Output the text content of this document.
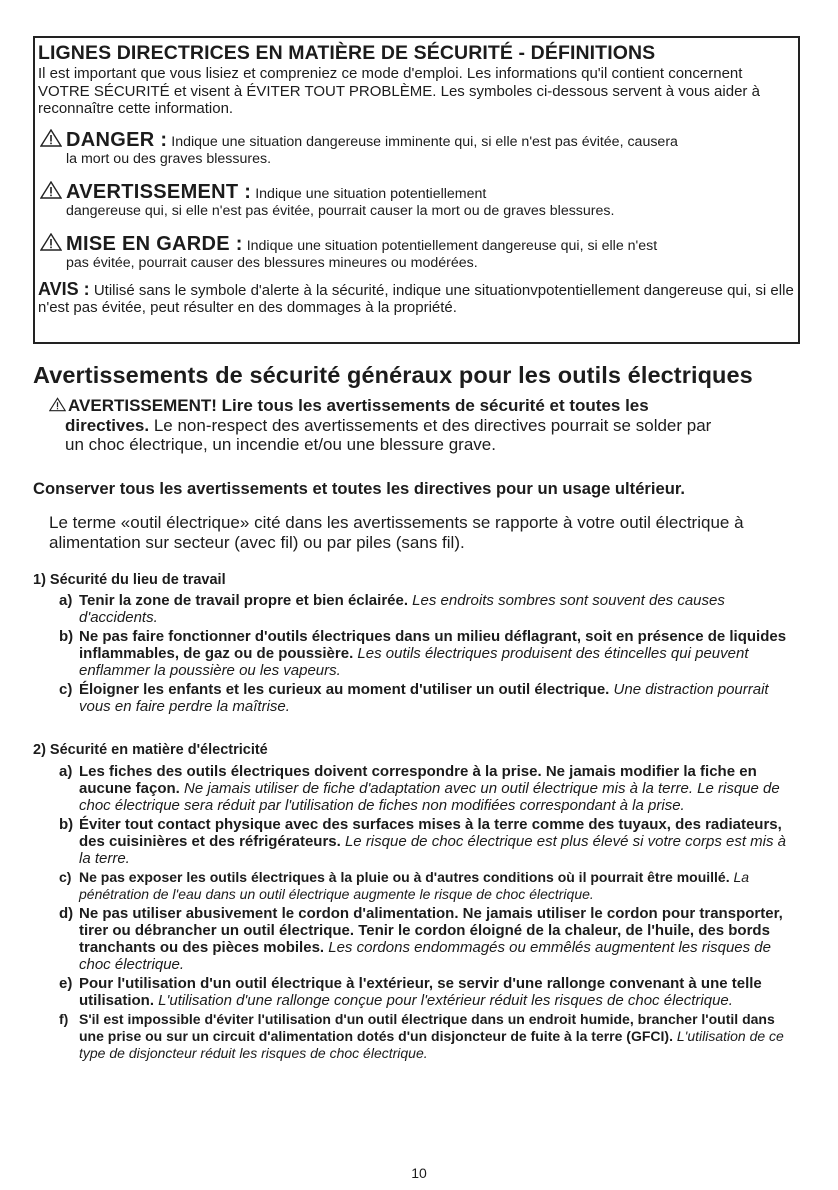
LIGNES DIRECTRICES EN MATIÈRE DE SÉCURITÉ - DÉFINITIONS
Il est important que vous lisiez et compreniez ce mode d'emploi. Les informations qu'il contient concernent VOTRE SÉCURITÉ et visent à ÉVITER TOUT PROBLÈME. Les symboles ci-dessous servent à vous aider à reconnaître cette information.
DANGER : Indique une situation dangereuse imminente qui, si elle n'est pas évitée, causera
la mort ou des graves blessures.
AVERTISSEMENT : Indique une situation potentiellement
dangereuse qui, si elle n'est pas évitée, pourrait causer la mort ou de graves blessures.
MISE EN GARDE : Indique une situation potentiellement dangereuse qui, si elle n'est
pas évitée, pourrait causer des blessures mineures ou modérées.
AVIS : Utilisé sans le symbole d'alerte à la sécurité, indique une situationvpotentiellement dangereuse qui, si elle n'est pas évitée, peut résulter en des dommages à la propriété.
Avertissements de sécurité généraux pour les outils électriques
AVERTISSEMENT! Lire tous les avertissements de sécurité et toutes les
directives. Le non-respect des avertissements et des directives pourrait se solder par
un choc électrique, un incendie et/ou une blessure grave.
Conserver tous les avertissements et toutes les directives pour un usage ultérieur.
Le terme «outil électrique» cité dans les avertissements se rapporte à votre outil électrique à alimentation sur secteur (avec fil) ou par piles (sans fil).
1) Sécurité du lieu de travail
a) Tenir la zone de travail propre et bien éclairée. Les endroits sombres sont souvent des causes d'accidents.
b) Ne pas faire fonctionner d'outils électriques dans un milieu déflagrant, soit en présence de liquides inflammables, de gaz ou de poussière. Les outils électriques produisent des étincelles qui peuvent enflammer la poussière ou les vapeurs.
c) Éloigner les enfants et les curieux au moment d'utiliser un outil électrique. Une distraction pourrait vous en faire perdre la maîtrise.
2) Sécurité en matière d'électricité
a) Les fiches des outils électriques doivent correspondre à la prise. Ne jamais modifier la fiche en aucune façon. Ne jamais utiliser de fiche d'adaptation avec un outil électrique mis à la terre. Le risque de choc électrique sera réduit par l'utilisation de fiches non modifiées correspondant à la prise.
b) Éviter tout contact physique avec des surfaces mises à la terre comme des tuyaux, des radiateurs, des cuisinières et des réfrigérateurs. Le risque de choc électrique est plus élevé si votre corps est mis à la terre.
c) Ne pas exposer les outils électriques à la pluie ou à d'autres conditions où il pourrait être mouillé. La pénétration de l'eau dans un outil électrique augmente le risque de choc électrique.
d) Ne pas utiliser abusivement le cordon d'alimentation. Ne jamais utiliser le cordon pour transporter, tirer ou débrancher un outil électrique. Tenir le cordon éloigné de la chaleur, de l'huile, des bords tranchants ou des pièces mobiles. Les cordons endommagés ou emmêlés augmentent les risques de choc électrique.
e) Pour l'utilisation d'un outil électrique à l'extérieur, se servir d'une rallonge convenant à une telle utilisation. L'utilisation d'une rallonge conçue pour l'extérieur réduit les risques de choc électrique.
f) S'il est impossible d'éviter l'utilisation d'un outil électrique dans un endroit humide, brancher l'outil dans une prise ou sur un circuit d'alimentation dotés d'un disjoncteur de fuite à la terre (GFCI). L'utilisation de ce type de disjoncteur réduit les risques de choc électrique.
10
